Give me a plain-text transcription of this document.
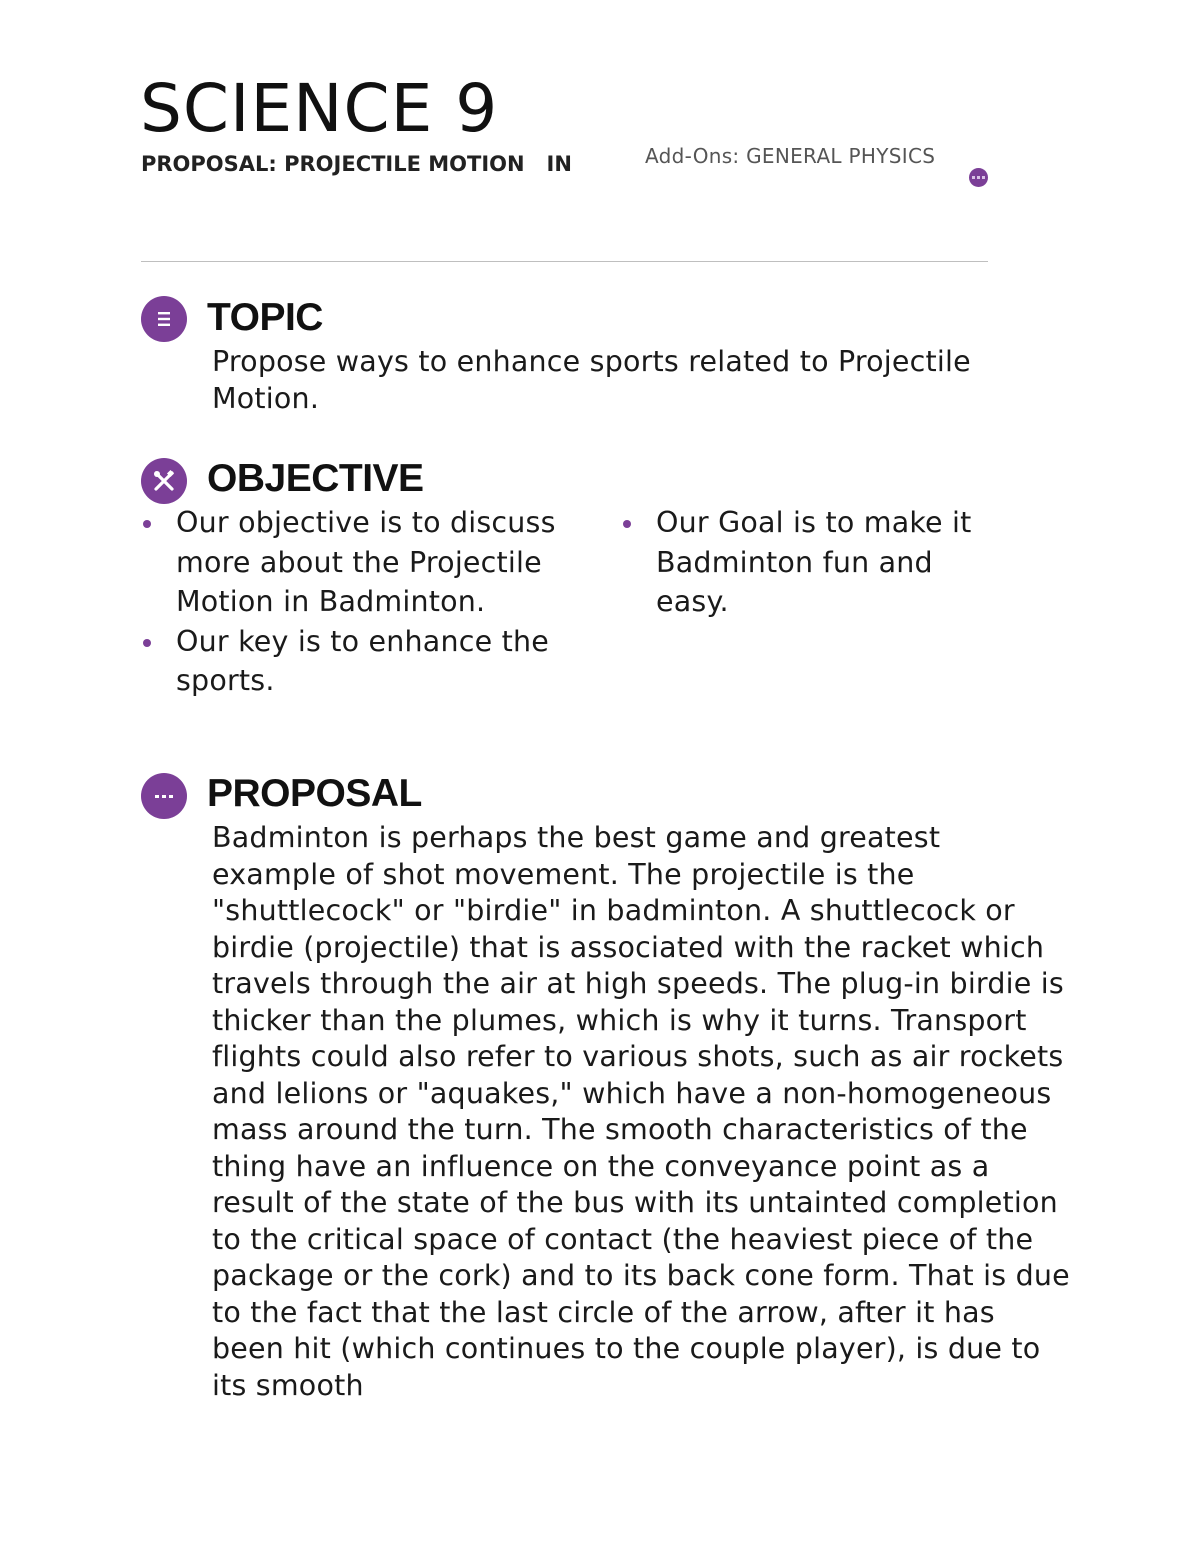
SCIENCE 9
PROPOSAL: PROJECTILE MOTION   IN	Add-Ons: GENERAL PHYSICS
TOPIC

Propose ways to enhance sports related to Projectile Motion.

OBJECTIVE
Our objective is to discuss more about the Projectile Motion in Badminton.
Our key is to enhance the sports.
Our Goal is to make it Badminton fun and easy.
PROPOSAL

Badminton is perhaps the best game and greatest example of shot movement. The projectile is the "shuttlecock" or "birdie" in badminton. A shuttlecock or birdie (projectile) that is associated with the racket which travels through the air at high speeds. The plug-in birdie is thicker than the plumes, which is why it turns. Transport flights could also refer to various shots, such as air rockets and lelions or "aquakes," which have a non-homogeneous mass around the turn. The smooth characteristics of the thing have an influence on the conveyance point as a result of the state of the bus with its untainted completion to the critical space of contact (the heaviest piece of the package or the cork) and to its back cone form. That is due to the fact that the last circle of the arrow, after it has been hit (which continues to the couple player), is due to its smooth
